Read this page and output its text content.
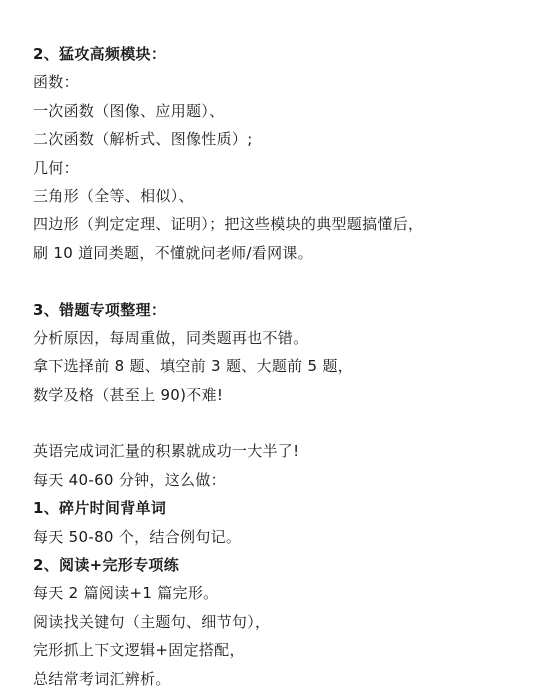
2、猛攻高频模块：
函数：
一次函数（图像、应用题）、
二次函数（解析式、图像性质）;
几何：
三角形（全等、相似）、
四边形（判定定理、证明）；把这些模块的典型题搞懂后，
刷 10 道同类题，不懂就问老师/看网课。
3、错题专项整理：
分析原因，每周重做，同类题再也不错。
拿下选择前 8 题、填空前 3 题、大题前 5 题，
数学及格（甚至上 90)不难!
英语完成词汇量的积累就成功一大半了!
每天 40-60 分钟，这么做：
1、碎片时间背单词
每天 50-80 个，结合例句记。
2、阅读+完形专项练
每天 2 篇阅读+1 篇完形。
阅读找关键句（主题句、细节句），
完形抓上下文逻辑+固定搭配，
总结常考词汇辨析。
